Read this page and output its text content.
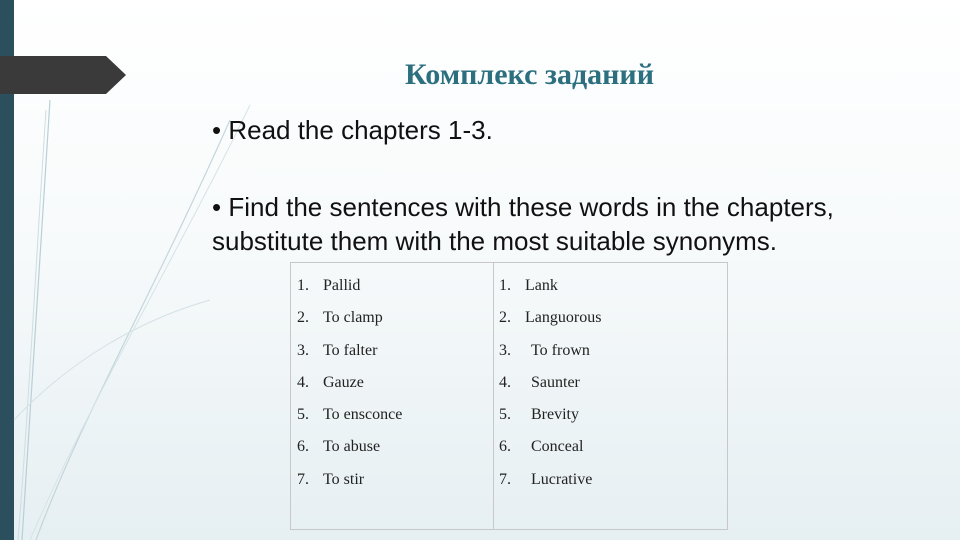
Комплекс заданий

• Read the chapters 1-3.

• Find the sentences with these words in the chapters, substitute them with the most suitable synonyms.

1. Pallid
2. To clamp
3. To falter
4. Gauze
5. To ensconce
6. To abuse
7. To stir
1. Lank
2. Languorous
3. To frown
4. Saunter
5. Brevity
6. Conceal
7. Lucrative
